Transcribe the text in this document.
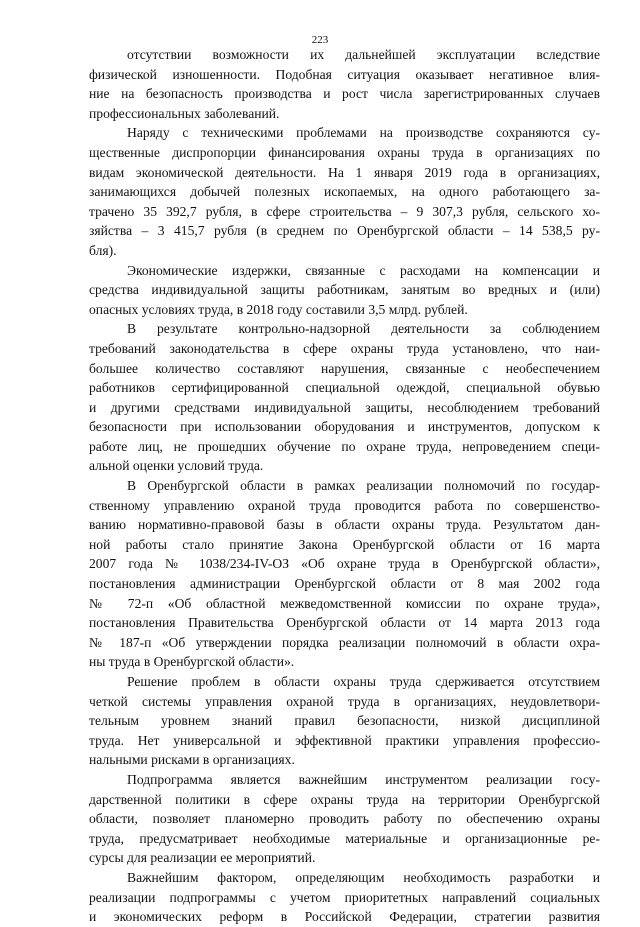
223
отсутствии возможности их дальнейшей эксплуатации вследствие
физической изношенности. Подобная ситуация оказывает негативное влия-
ние на безопасность производства и рост числа зарегистрированных случаев
профессиональных заболеваний.
Наряду с техническими проблемами на производстве сохраняются су-
щественные диспропорции финансирования охраны труда в организациях по
видам экономической деятельности. На 1 января 2019 года в организациях,
занимающихся добычей полезных ископаемых, на одного работающего за-
трачено 35 392,7 рубля, в сфере строительства – 9 307,3 рубля, сельского хо-
зяйства – 3 415,7 рубля (в среднем по Оренбургской области – 14 538,5 ру-
бля).
Экономические издержки, связанные с расходами на компенсации и
средства индивидуальной защиты работникам, занятым во вредных и (или)
опасных условиях труда, в 2018 году составили 3,5 млрд. рублей.
В результате контрольно-надзорной деятельности за соблюдением
требований законодательства в сфере охраны труда установлено, что наи-
большее количество составляют нарушения, связанные с необеспечением
работников сертифицированной специальной одеждой, специальной обувью
и другими средствами индивидуальной защиты, несоблюдением требований
безопасности при использовании оборудования и инструментов, допуском к
работе лиц, не прошедших обучение по охране труда, непроведением специ-
альной оценки условий труда.
В Оренбургской области в рамках реализации полномочий по государ-
ственному управлению охраной труда проводится работа по совершенство-
ванию нормативно-правовой базы в области охраны труда. Результатом дан-
ной работы стало принятие Закона Оренбургской области от 16 марта
2007 года № 1038/234-IV-ОЗ «Об охране труда в Оренбургской области»,
постановления администрации Оренбургской области от 8 мая 2002 года
№ 72-п «Об областной межведомственной комиссии по охране труда»,
постановления Правительства Оренбургской области от 14 марта 2013 года
№ 187-п «Об утверждении порядка реализации полномочий в области охра-
ны труда в Оренбургской области».
Решение проблем в области охраны труда сдерживается отсутствием
четкой системы управления охраной труда в организациях, неудовлетвори-
тельным уровнем знаний правил безопасности, низкой дисциплиной
труда. Нет универсальной и эффективной практики управления профессио-
нальными рисками в организациях.
Подпрограмма является важнейшим инструментом реализации госу-
дарственной политики в сфере охраны труда на территории Оренбургской
области, позволяет планомерно проводить работу по обеспечению охраны
труда, предусматривает необходимые материальные и организационные ре-
сурсы для реализации ее мероприятий.
Важнейшим фактором, определяющим необходимость разработки и
реализации подпрограммы с учетом приоритетных направлений социальных
и экономических реформ в Российской Федерации, стратегии развития
